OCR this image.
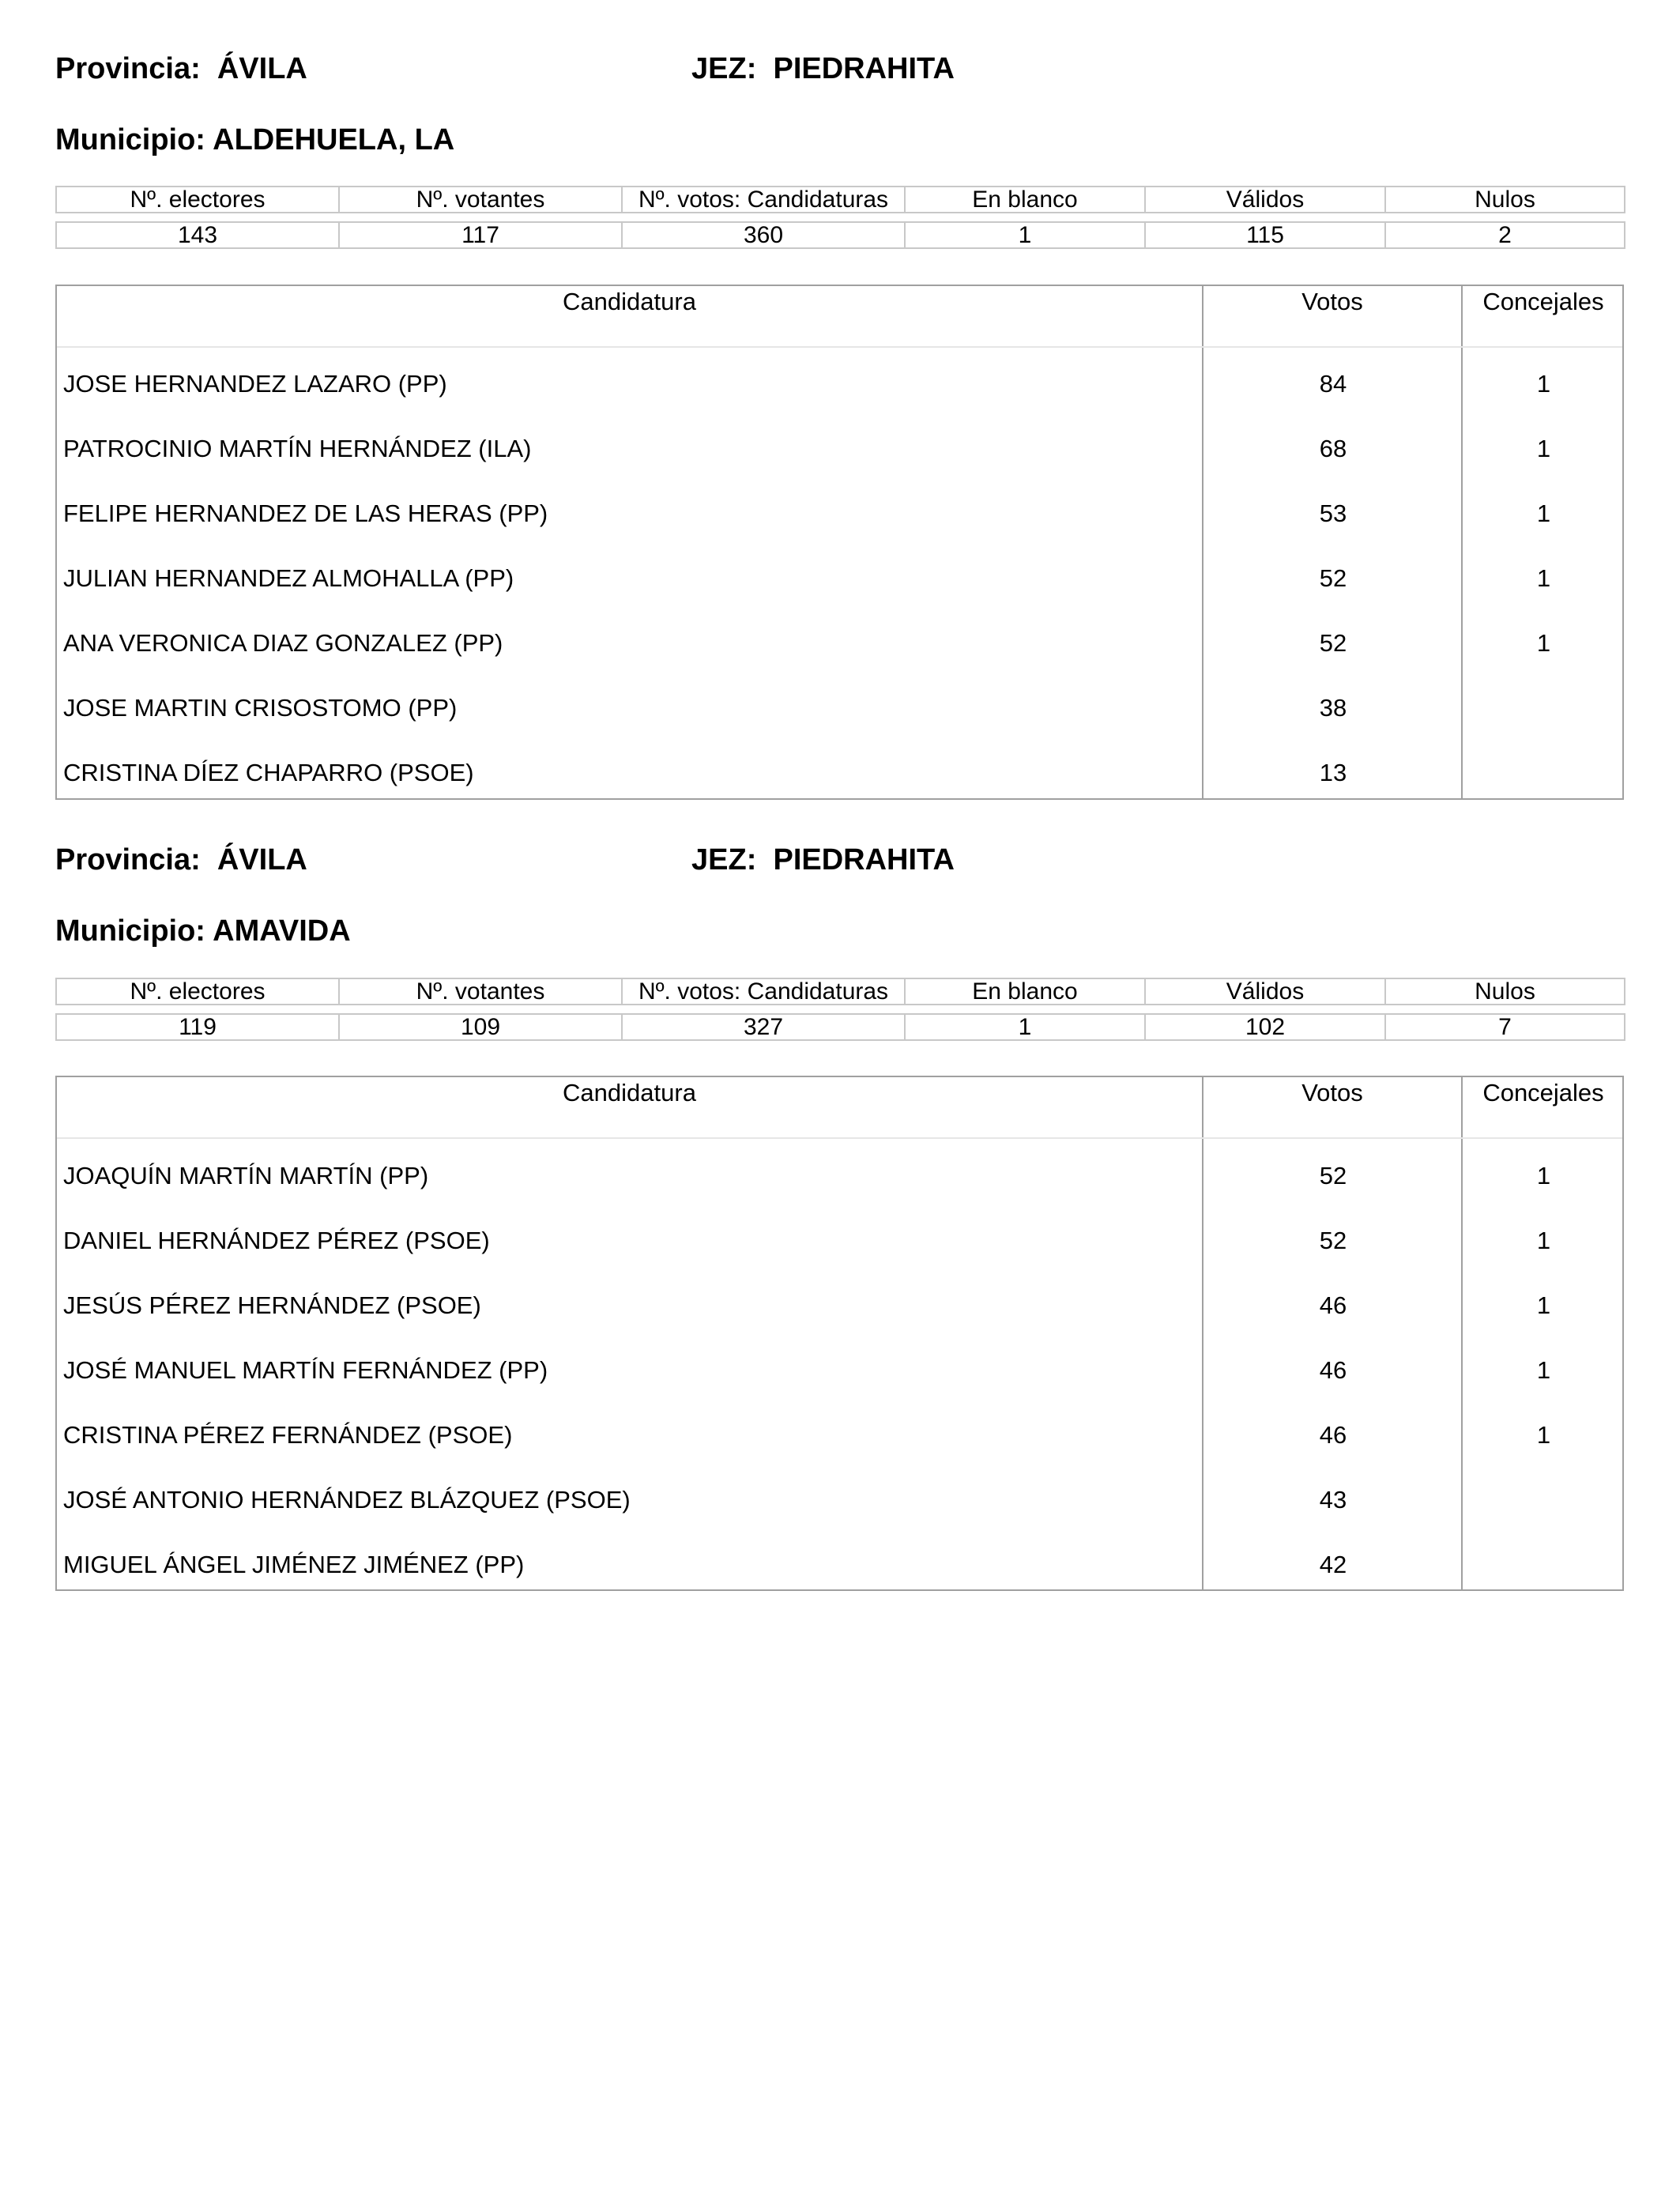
Provincia: ÁVILA	JEZ: PIEDRAHITA
Municipio: ALDEHUELA, LA
Nº. electores	Nº. votantes	Nº. votos: Candidaturas	En blanco	Válidos	Nulos

143	117	360	1	115	2
Candidatura	Votos	Concejales
JOSE HERNANDEZ LAZARO (PP)	84	1
PATROCINIO MARTÍN HERNÁNDEZ (ILA)	68	1
FELIPE HERNANDEZ DE LAS HERAS (PP)	53	1
JULIAN HERNANDEZ ALMOHALLA (PP)	52	1
ANA VERONICA DIAZ GONZALEZ (PP)	52	1
JOSE MARTIN CRISOSTOMO (PP)	38
CRISTINA DÍEZ CHAPARRO (PSOE)	13
Provincia: ÁVILA	JEZ: PIEDRAHITA
Municipio: AMAVIDA
Nº. electores	Nº. votantes	Nº. votos: Candidaturas	En blanco	Válidos	Nulos

119	109	327	1	102	7
Candidatura	Votos	Concejales
JOAQUÍN MARTÍN MARTÍN (PP)	52	1
DANIEL HERNÁNDEZ PÉREZ (PSOE)	52	1
JESÚS PÉREZ HERNÁNDEZ (PSOE)	46	1
JOSÉ MANUEL MARTÍN FERNÁNDEZ (PP)	46	1
CRISTINA PÉREZ FERNÁNDEZ (PSOE)	46	1
JOSÉ ANTONIO HERNÁNDEZ BLÁZQUEZ (PSOE)	43
MIGUEL ÁNGEL JIMÉNEZ JIMÉNEZ (PP)	42
